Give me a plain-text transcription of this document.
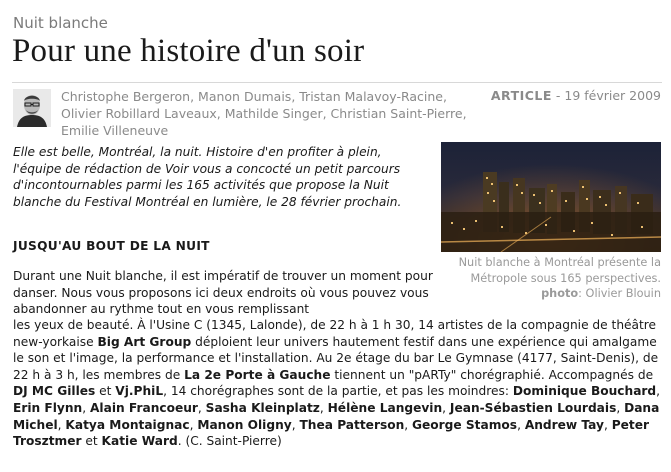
Nuit blanche
Pour une histoire d'un soir
Christophe Bergeron, Manon Dumais, Tristan Malavoy-Racine, Olivier Robillard Laveaux, Mathilde Singer, Christian Saint-Pierre, Emilie Villeneuve
ARTICLE - 19 février 2009
Elle est belle, Montréal, la nuit. Histoire d'en profiter à plein, l'équipe de rédaction de Voir vous a concocté un petit parcours d'incontournables parmi les 165 activités que propose la Nuit blanche du Festival Montréal en lumière, le 28 février prochain.
Nuit blanche à Montréal présente la Métropole sous 165 perspectives.
photo: Olivier Blouin
JUSQU'AU BOUT DE LA NUIT
Durant une Nuit blanche, il est impératif de trouver un moment pour danser. Nous vous proposons ici deux endroits où vous pouvez vous abandonner au rythme tout en vous remplissant
les yeux de beauté. À l'Usine C (1345, Lalonde), de 22 h à 1 h 30, 14 artistes de la compagnie de théâtre new-yorkaise Big Art Group déploient leur univers hautement festif dans une expérience qui amalgame le son et l'image, la performance et l'installation. Au 2e étage du bar Le Gymnase (4177, Saint-Denis), de 22 h à 3 h, les membres de La 2e Porte à Gauche tiennent un "pARTy" chorégraphié. Accompagnés de DJ MC Gilles et Vj.PhiL, 14 chorégraphes sont de la partie, et pas les moindres: Dominique Bouchard, Erin Flynn, Alain Francoeur, Sasha Kleinplatz, Hélène Langevin, Jean-Sébastien Lourdais, Dana Michel, Katya Montaignac, Manon Oligny, Thea Patterson, George Stamos, Andrew Tay, Peter Trosztmer et Katie Ward. (C. Saint-Pierre)
